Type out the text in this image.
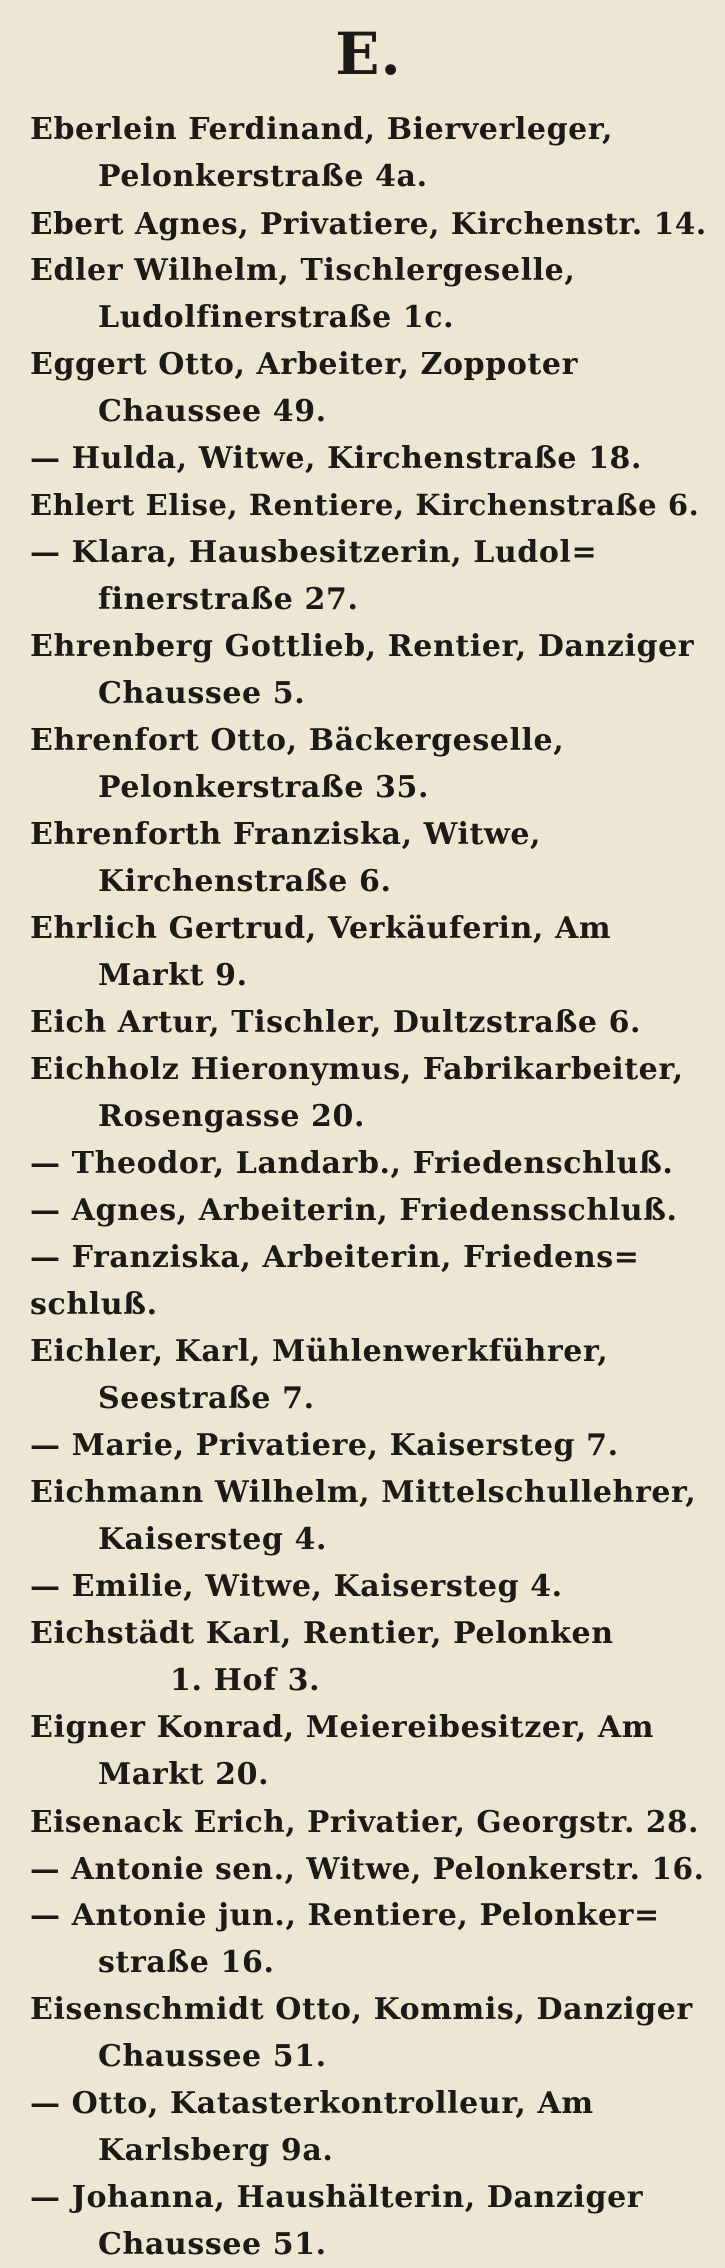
E.
Eberlein Ferdinand, Bierverleger,
Pelonkerstraße 4a.
Ebert Agnes, Privatiere, Kirchenstr. 14.
Edler Wilhelm, Tischlergeselle,
Ludolfinerstraße 1c.
Eggert Otto, Arbeiter, Zoppoter
Chaussee 49.
— Hulda, Witwe, Kirchenstraße 18.
Ehlert Elise, Rentiere, Kirchenstraße 6.
— Klara, Hausbesitzerin, Ludol=
finerstraße 27.
Ehrenberg Gottlieb, Rentier, Danziger
Chaussee 5.
Ehrenfort Otto, Bäckergeselle,
Pelonkerstraße 35.
Ehrenforth Franziska, Witwe,
Kirchenstraße 6.
Ehrlich Gertrud, Verkäuferin, Am
Markt 9.
Eich Artur, Tischler, Dultzstraße 6.
Eichholz Hieronymus, Fabrikarbeiter,
Rosengasse 20.
— Theodor, Landarb., Friedenschluß.
— Agnes, Arbeiterin, Friedensschluß.
— Franziska, Arbeiterin, Friedens=
schluß.
Eichler, Karl, Mühlenwerkführer,
Seestraße 7.
— Marie, Privatiere, Kaisersteg 7.
Eichmann Wilhelm, Mittelschullehrer,
Kaisersteg 4.
— Emilie, Witwe, Kaisersteg 4.
Eichstädt Karl, Rentier, Pelonken
1. Hof 3.
Eigner Konrad, Meiereibesitzer, Am
Markt 20.
Eisenack Erich, Privatier, Georgstr. 28.
— Antonie sen., Witwe, Pelonkerstr. 16.
— Antonie jun., Rentiere, Pelonker=
straße 16.
Eisenschmidt Otto, Kommis, Danziger
Chaussee 51.
— Otto, Katasterkontrolleur, Am
Karlsberg 9a.
— Johanna, Haushälterin, Danziger
Chaussee 51.
